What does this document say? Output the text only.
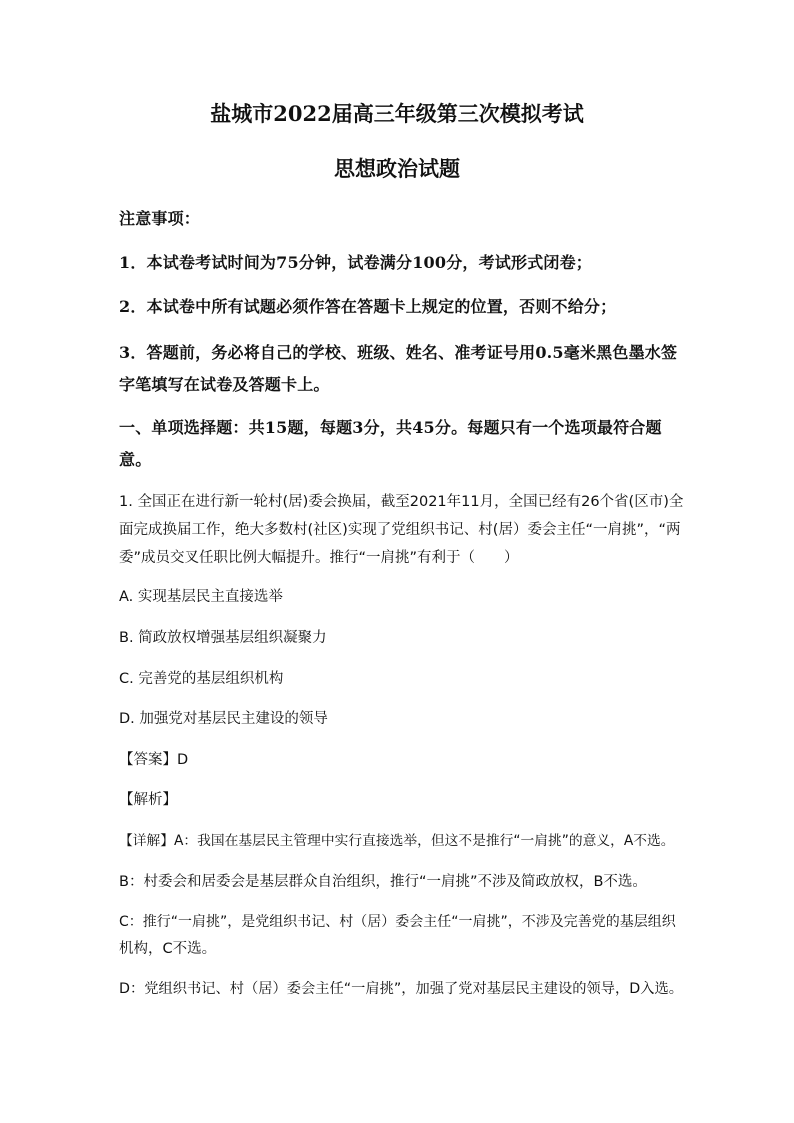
盐城市2022届高三年级第三次模拟考试
思想政治试题
注意事项：
1．本试卷考试时间为75分钟，试卷满分100分，考试形式闭卷；
2．本试卷中所有试题必须作答在答题卡上规定的位置，否则不给分；
3．答题前，务必将自己的学校、班级、姓名、准考证号用0.5毫米黑色墨水签
字笔填写在试卷及答题卡上。
一、单项选择题：共15题，每题3分，共45分。每题只有一个选项最符合题
意。
1. 全国正在进行新一轮村(居)委会换届，截至2021年11月，全国已经有26个省(区市)全
面完成换届工作，绝大多数村(社区)实现了党组织书记、村(居）委会主任“一肩挑”，“两
委”成员交叉任职比例大幅提升。推行“一肩挑”有利于（　　）
A. 实现基层民主直接选举
B. 简政放权增强基层组织凝聚力
C. 完善党的基层组织机构
D. 加强党对基层民主建设的领导
【答案】D
【解析】
【详解】A：我国在基层民主管理中实行直接选举，但这不是推行“一肩挑”的意义，A不选。
B：村委会和居委会是基层群众自治组织，推行“一肩挑”不涉及简政放权，B不选。
C：推行“一肩挑”，是党组织书记、村（居）委会主任“一肩挑”，不涉及完善党的基层组织
机构，C不选。
D：党组织书记、村（居）委会主任“一肩挑”，加强了党对基层民主建设的领导，D入选。
